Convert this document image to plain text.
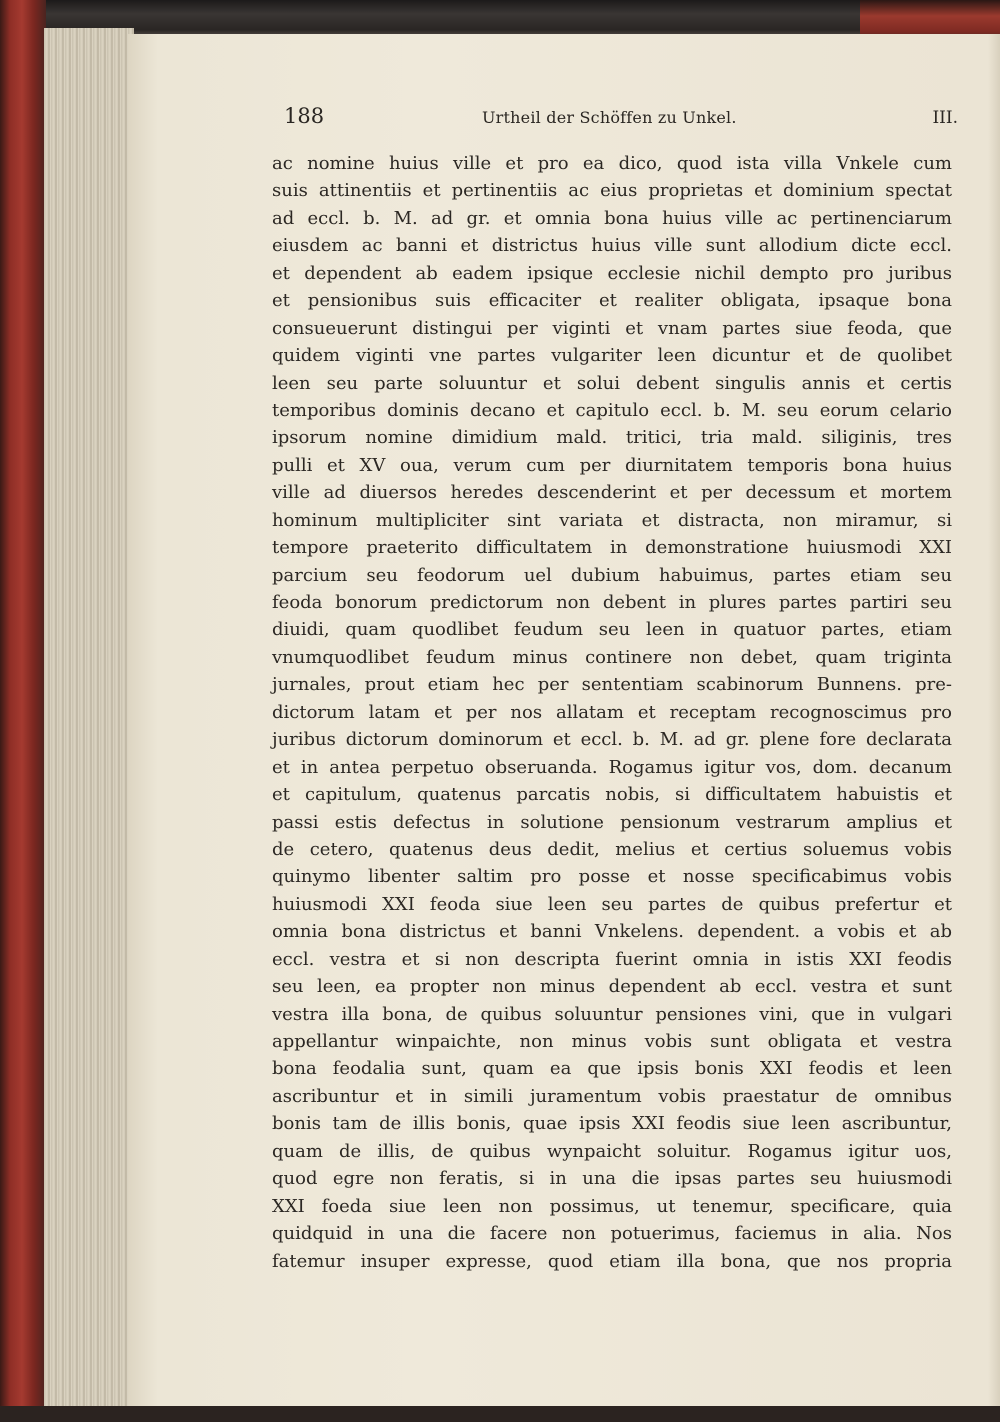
188	Urtheil der Schöffen zu Unkel.	III.
ac nomine huius ville et pro ea dico, quod ista villa Vnkele cum
suis attinentiis et pertinentiis ac eius proprietas et dominium spectat
ad eccl. b. M. ad gr. et omnia bona huius ville ac pertinenciarum
eiusdem ac banni et districtus huius ville sunt allodium dicte eccl.
et dependent ab eadem ipsique ecclesie nichil dempto pro juribus
et pensionibus suis efficaciter et realiter obligata, ipsaque bona
consueuerunt distingui per viginti et vnam partes siue feoda, que
quidem viginti vne partes vulgariter leen dicuntur et de quolibet
leen seu parte soluuntur et solui debent singulis annis et certis
temporibus dominis decano et capitulo eccl. b. M. seu eorum celario
ipsorum nomine dimidium mald. tritici, tria mald. siliginis, tres
pulli et XV oua, verum cum per diurnitatem temporis bona huius
ville ad diuersos heredes descenderint et per decessum et mortem
hominum multipliciter sint variata et distracta, non miramur, si
tempore praeterito difficultatem in demonstratione huiusmodi XXI
parcium seu feodorum uel dubium habuimus, partes etiam seu
feoda bonorum predictorum non debent in plures partes partiri seu
diuidi, quam quodlibet feudum seu leen in quatuor partes, etiam
vnumquodlibet feudum minus continere non debet, quam triginta
jurnales, prout etiam hec per sententiam scabinorum Bunnens. pre-
dictorum latam et per nos allatam et receptam recognoscimus pro
juribus dictorum dominorum et eccl. b. M. ad gr. plene fore declarata
et in antea perpetuo obseruanda. Rogamus igitur vos, dom. decanum
et capitulum, quatenus parcatis nobis, si difficultatem habuistis et
passi estis defectus in solutione pensionum vestrarum amplius et
de cetero, quatenus deus dedit, melius et certius soluemus vobis
quinymo libenter saltim pro posse et nosse specificabimus vobis
huiusmodi XXI feoda siue leen seu partes de quibus prefertur et
omnia bona districtus et banni Vnkelens. dependent. a vobis et ab
eccl. vestra et si non descripta fuerint omnia in istis XXI feodis
seu leen, ea propter non minus dependent ab eccl. vestra et sunt
vestra illa bona, de quibus soluuntur pensiones vini, que in vulgari
appellantur winpaichte, non minus vobis sunt obligata et vestra
bona feodalia sunt, quam ea que ipsis bonis XXI feodis et leen
ascribuntur et in simili juramentum vobis praestatur de omnibus
bonis tam de illis bonis, quae ipsis XXI feodis siue leen ascribuntur,
quam de illis, de quibus wynpaicht soluitur. Rogamus igitur uos,
quod egre non feratis, si in una die ipsas partes seu huiusmodi
XXI foeda siue leen non possimus, ut tenemur, specificare, quia
quidquid in una die facere non potuerimus, faciemus in alia. Nos
fatemur insuper expresse, quod etiam illa bona, que nos propria
